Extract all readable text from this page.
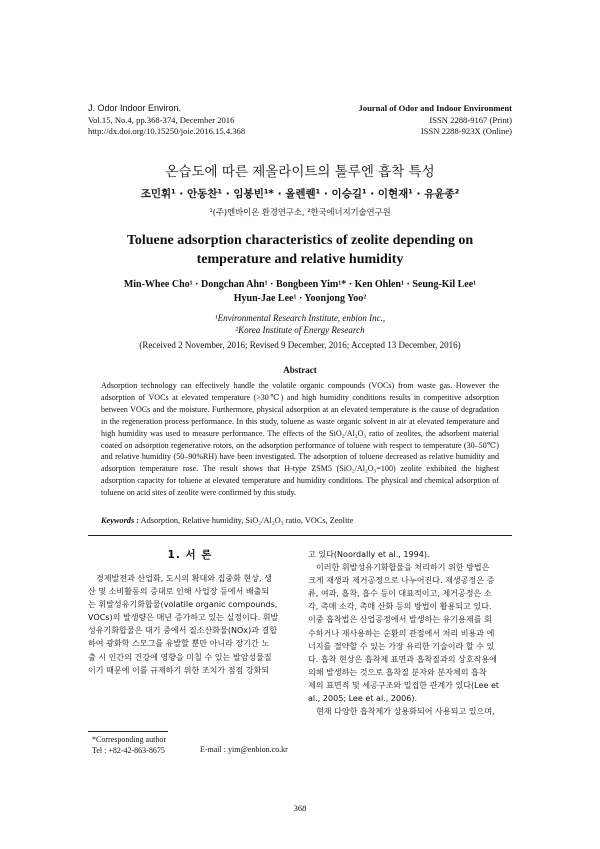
J. Odor Indoor Environ.
Vol.15, No.4, pp.368-374, December 2016
http://dx.doi.org/10.15250/joie.2016.15.4.368
Journal of Odor and Indoor Environment
ISSN 2288-9167 (Print)
ISSN 2288-923X (Online)
온습도에 따른 제올라이트의 톨루엔 흡착 특성
조민휘¹ · 안동찬¹ · 임봉빈¹* · 올렌퀜¹ · 이승길¹ · 이현재¹ · 유윤종²
¹(주)엔바이온 환경연구소, ²한국에너지기술연구원
Toluene adsorption characteristics of zeolite depending on temperature and relative humidity
Min-Whee Cho¹ · Dongchan Ahn¹ · Bongbeen Yim¹* · Ken Ohlen¹ · Seung-Kil Lee¹
Hyun-Jae Lee¹ · Yoonjong Yoo²
¹Environmental Research Institute, enbion Inc.,
²Korea Institute of Energy Research
(Received 2 November, 2016; Revised 9 December, 2016; Accepted 13 December, 2016)
Abstract
Adsorption technology can effectively handle the volatile organic compounds (VOCs) from waste gas. However the adsorption of VOCs at elevated temperature (>30℃) and high humidity conditions results in competitive adsorption between VOCs and the moisture. Furthermore, physical adsorption at an elevated temperature is the cause of degradation in the regeneration process performance. In this study, toluene as waste organic solvent in air at elevated temperature and high humidity was used to measure performance. The effects of the SiO₂/Al₂O₃ ratio of zeolites, the adsorbent material coated on adsorption regenerative rotors, on the adsorption performance of toluene with respect to temperature (30–50℃) and relative humidity (50–90%RH) have been investigated. The adsorption of toluene decreased as relative humidity and adsorption temperature rose. The result shows that H-type ZSM5 (SiO₂/Al₂O₃=100) zeolite exhibited the highest adsorption capacity for toluene at elevated temperature and humidity conditions. The physical and chemical adsorption of toluene on acid sites of zeolite were confirmed by this study.
Keywords : Adsorption, Relative humidity, SiO₂/Al₂O₃ ratio, VOCs, Zeolite
1. 서 론
경제발전과 산업화, 도시의 확대와 집중화 현상, 생
산 및 소비활동의 증대로 인해 사업장 등에서 배출되
는 휘발성유기화합물(volatile organic compounds,
VOCs)의 발생량은 매년 증가하고 있는 실정이다. 휘발
성유기화합물은 대기 중에서 질소산화물(NOx)과 결합
하여 광화학 스모그를 유발할 뿐만 아니라 장기간 노
출 시 인간의 건강에 영향을 미칠 수 있는 발암성물질
이기 때문에 이를 규제하기 위한 조치가 점점 강화되
고 있다(Noordally et al., 1994).
이러한 휘발성유기화합물을 처리하기 위한 방법은
크게 재생과 제거공정으로 나누어진다. 재생공정은 증
류, 여과, 흡착, 흡수 등이 대표적이고, 제거공정은 소
각, 촉매 소각, 촉매 산화 등의 방법이 활용되고 있다.
이중 흡착법은 산업공정에서 발생하는 유기용제를 회
수하거나 재사용하는 순환의 관점에서 처리 비용과 에
너지를 절약할 수 있는 가장 유리한 기술이라 할 수 있
다. 흡착 현상은 흡착제 표면과 흡착질과의 상호작용에
의해 발생하는 것으로 흡착질 분자와 분자체의 흡착
제의 표면적 및 세공구조와 밀접한 관계가 있다(Lee et
al., 2005; Lee et al., 2006).
현재 다양한 흡착제가 상용화되어 사용되고 있으며,
*Corresponding author
Tel : +82-42-863-8675	E-mail : yim@enbion.co.kr
368
